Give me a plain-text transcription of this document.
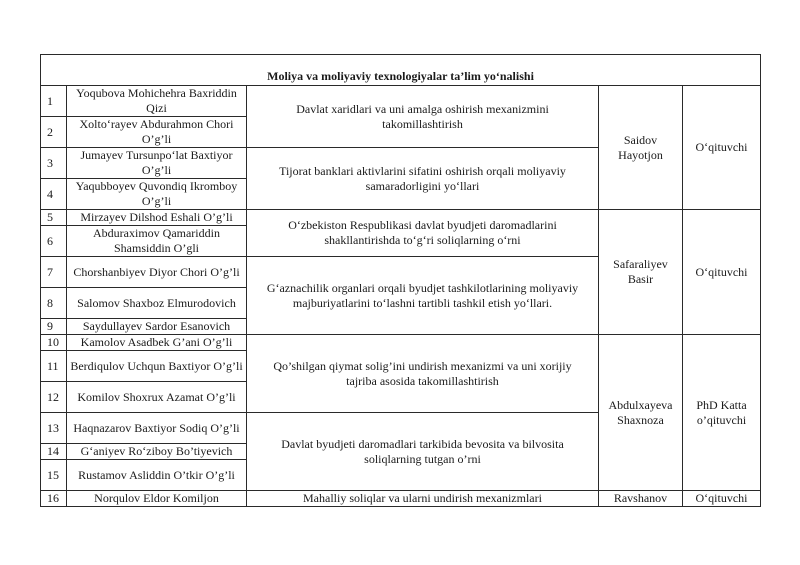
Moliya va moliyaviy texnologiyalar ta’lim yo‘nalishi				
1	Yoqubova Mohichehra Baxriddin Qizi	Davlat xaridlari va uni amalga oshirish mexanizmini takomillashtirish	Saidov Hayotjon	O‘qituvchi
2	Xolto‘rayev Abdurahmon Chori O’g’li			
3	Jumayev Tursunpo‘lat Baxtiyor O’g’li	Tijorat banklari aktivlarini sifatini oshirish orqali moliyaviy samaradorligini yo‘llari		
4	Yaqubboyev Quvondiq Ikromboy O’g’li			
5	Mirzayev Dilshod Eshali O’g’li	O‘zbekiston Respublikasi davlat byudjeti daromadlarini shakllantirishda to‘g‘ri soliqlarning o‘rni	Safaraliyev Basir	O‘qituvchi
6	Abduraximov Qamariddin Shamsiddin O’gli			
7	Chorshanbiyev Diyor Chori O’g’li	G‘aznachilik organlari orqali byudjet tashkilotlarining moliyaviy majburiyatlarini to‘lashni tartibli tashkil etish yo‘llari.		
8	Salomov Shaxboz Elmurodovich			
9	Saydullayev Sardor Esanovich			
10	Kamolov Asadbek G’ani O’g’li	Qo’shilgan qiymat solig’ini undirish mexanizmi va uni xorijiy tajriba asosida takomillashtirish	Abdulxayeva Shaxnoza	PhD Katta o’qituvchi
11	Berdiqulov Uchqun Baxtiyor O’g’li			
12	Komilov Shoxrux Azamat O’g’li			
13	Haqnazarov Baxtiyor Sodiq O’g’li	Davlat byudjeti daromadlari tarkibida bevosita va bilvosita soliqlarning tutgan o’rni		
14	G‘aniyev Ro‘ziboy Bo’tiyevich			
15	Rustamov Asliddin O’tkir O’g’li			
16	Norqulov Eldor Komiljon	Mahalliy soliqlar va ularni undirish mexanizmlari	Ravshanov	O‘qituvchi
